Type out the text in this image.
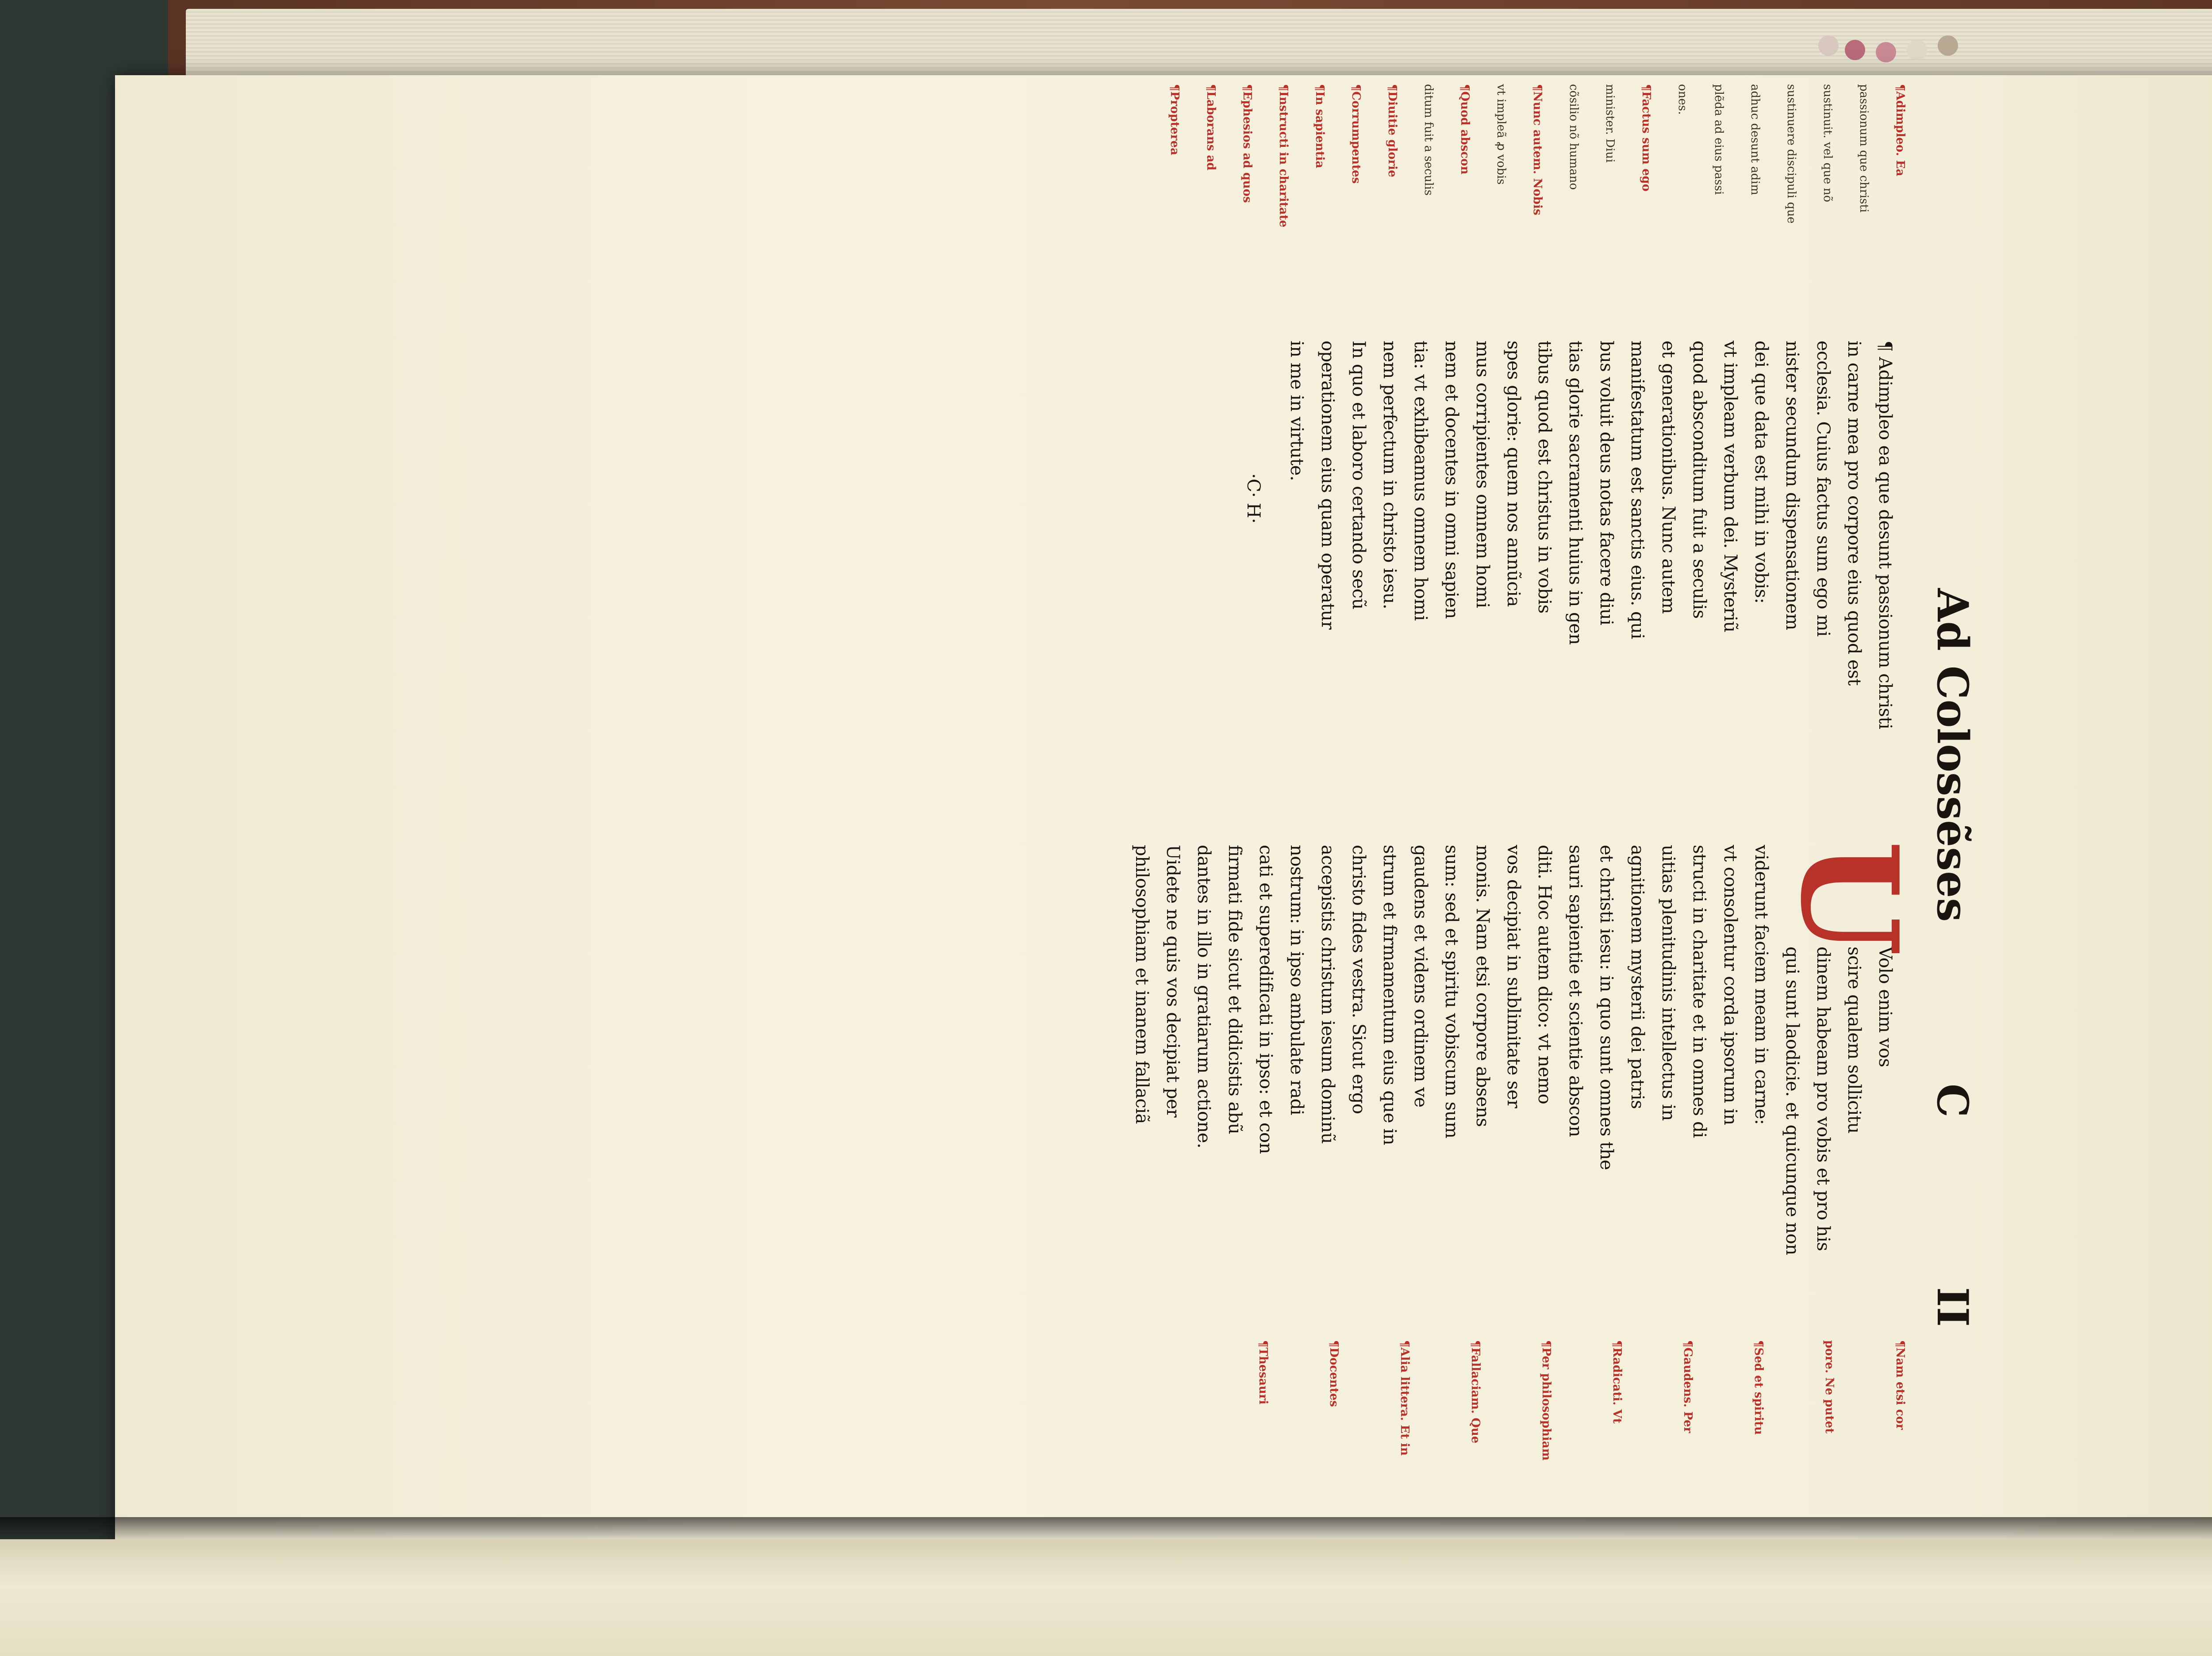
Ad Colossẽses
C
II
¶Adimpleo. Ea
passionum que christi
sustinuit. vel que nõ
sustinuere discipuli que
adhuc desunt adim
plẽda ad eius passi
ones.
¶Factus sum ego
minister. Diui
cõsilio nõ humano
¶Nunc autem. Nobis
vt impleã ꝓ vobis
¶Quod abscon
ditum fuit a seculis
¶Diuitie glorie
¶Corrumpentes
¶In sapientia
¶Instructi in charitate
¶Ephesios ad quos
¶Laborans ad
¶Propterea
¶ Adimpleo ea que desunt passionum christi
in carne mea pro corpore eius quod est
ecclesia. Cuius factus sum ego mi
nister secundum dispensationem
dei que data est mihi in vobis:
vt impleam verbum dei. Mysteriũ
quod absconditum fuit a seculis
et generationibus. Nunc autem
manifestatum est sanctis eius. qui
bus voluit deus notas facere diui
tias glorie sacramenti huius in gen
tibus quod est christus in vobis
spes glorie: quem nos annũcia
mus corripientes omnem homi
nem et docentes in omni sapien
tia: vt exhibeamus omnem homi
nem perfectum in christo iesu.
In quo et laboro certando secũ
operationem eius quam operatur
in me in virtute.
·C· H·
U
Volo enim vos
scire qualem sollicitu
dinem habeam pro vobis et pro his
qui sunt laodicie. et quicunque non
viderunt faciem meam in carne:
vt consolentur corda ipsorum in
structi in charitate et in omnes di
uitias plenitudinis intellectus in
agnitionem mysterii dei patris
et christi iesu: in quo sunt omnes the
sauri sapientie et scientie abscon
diti. Hoc autem dico: vt nemo
vos decipiat in sublimitate ser
monis. Nam etsi corpore absens
sum: sed et spiritu vobiscum sum
gaudens et videns ordinem ve
strum et firmamentum eius que in
christo fides vestra. Sicut ergo
accepistis christum iesum dominũ
nostrum: in ipso ambulate radi
cati et superedificati in ipso: et con
firmati fide sicut et didicistis abũ
dantes in illo in gratiarum actione.
Uidete ne quis vos decipiat per
philosophiam et inanem fallaciã
¶Nam etsi cor
pore. Ne putet
¶Sed et spiritu
¶Gaudens. Per
¶Radicati. Vt
¶Per philosophiam
¶Fallaciam. Que
¶Alia littera. Et in
¶Docentes
¶Thesauri
